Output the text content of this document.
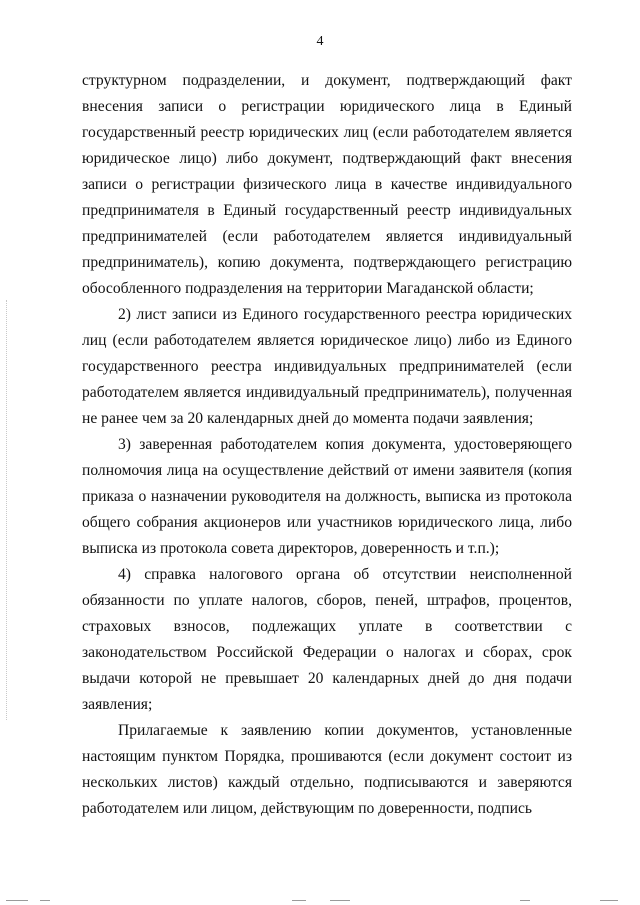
4

структурном подразделении, и документ, подтверждающий факт внесения записи о регистрации юридического лица в Единый государственный реестр юридических лиц (если работодателем является юридическое лицо) либо документ, подтверждающий факт внесения записи о регистрации физического лица в качестве индивидуального предпринимателя в Единый государственный реестр индивидуальных предпринимателей (если работодателем является индивидуальный предприниматель), копию документа, подтверждающего регистрацию обособленного подразделения на территории Магаданской области;

2) лист записи из Единого государственного реестра юридических лиц (если работодателем является юридическое лицо) либо из Единого государственного реестра индивидуальных предпринимателей (если работодателем является индивидуальный предприниматель), полученная не ранее чем за 20 календарных дней до момента подачи заявления;

3) заверенная работодателем копия документа, удостоверяющего полномочия лица на осуществление действий от имени заявителя (копия приказа о назначении руководителя на должность, выписка из протокола общего собрания акционеров или участников юридического лица, либо выписка из протокола совета директоров, доверенность и т.п.);

4) справка налогового органа об отсутствии неисполненной обязанности по уплате налогов, сборов, пеней, штрафов, процентов, страховых взносов, подлежащих уплате в соответствии с законодательством Российской Федерации о налогах и сборах, срок выдачи которой не превышает 20 календарных дней до дня подачи заявления;

Прилагаемые к заявлению копии документов, установленные настоящим пунктом Порядка, прошиваются (если документ состоит из нескольких листов) каждый отдельно, подписываются и заверяются работодателем или лицом, действующим по доверенности, подпись
